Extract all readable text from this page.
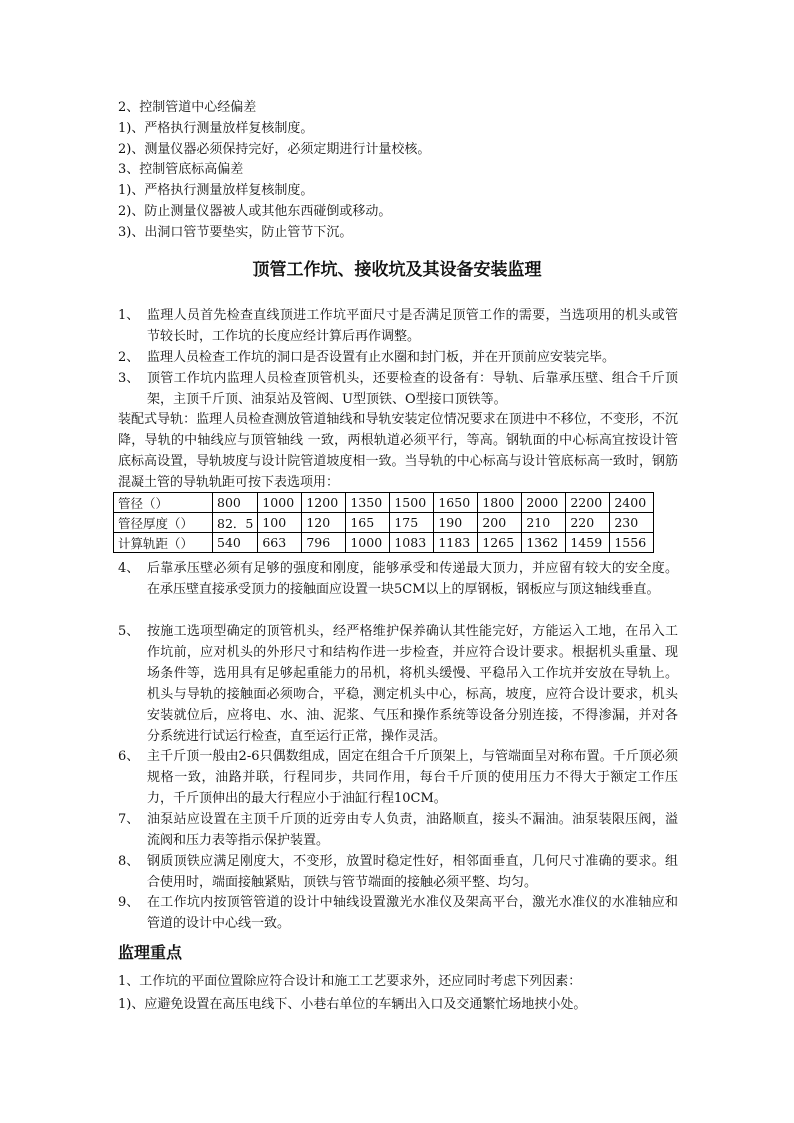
2、控制管道中心经偏差
1)、严格执行测量放样复核制度。
2)、测量仪器必须保持完好，必须定期进行计量校核。
3、控制管底标高偏差
1)、严格执行测量放样复核制度。
2)、防止测量仪器被人或其他东西碰倒或移动。
3)、出洞口管节要垫实，防止管节下沉。
顶管工作坑、接收坑及其设备安装监理
1、 监理人员首先检查直线顶进工作坑平面尺寸是否满足顶管工作的需要，当选项用的机头或管节较长时，工作坑的长度应经计算后再作调整。
2、 监理人员检查工作坑的洞口是否设置有止水圈和封门板，并在开顶前应安装完毕。
3、 顶管工作坑内监理人员检查顶管机头，还要检查的设备有：导轨、后靠承压壁、组合千斤顶架，主顶千斤顶、油泵站及管阀、U型顶铁、O型接口顶铁等。
装配式导轨：监理人员检查测放管道轴线和导轨安装定位情况要求在顶进中不移位，不变形，不沉降，导轨的中轴线应与顶管轴线 一致，两根轨道必须平行，等高。钢轨面的中心标高宜按设计管底标高设置，导轨坡度与设计院管道坡度相一致。当导轨的中心标高与设计管底标高一致时，钢筋混凝土管的导轨轨距可按下表选项用：
管径（）	800	1000	1200	1350	1500	1650	1800	2000	2200	2400
管径厚度（）	82．5	100	120	165	175	190	200	210	220	230
计算轨距（）	540	663	796	1000	1083	1183	1265	1362	1459	1556
4、 后靠承压壁必须有足够的强度和刚度，能够承受和传递最大顶力，并应留有较大的安全度。在承压壁直接承受顶力的接触面应设置一块5CM以上的厚钢板，钢板应与顶这轴线垂直。
5、 按施工选项型确定的顶管机头，经严格维护保养确认其性能完好，方能运入工地，在吊入工作坑前，应对机头的外形尺寸和结构作进一步检查，并应符合设计要求。根据机头重量、现场条件等，选用具有足够起重能力的吊机，将机头缓慢、平稳吊入工作坑并安放在导轨上。机头与导轨的接触面必须吻合，平稳，测定机头中心，标高，坡度，应符合设计要求，机头安装就位后，应将电、水、油、泥浆、气压和操作系统等设备分别连接，不得渗漏，并对各分系统进行试运行检查，直至运行正常，操作灵活。
6、 主千斤顶一般由2-6只偶数组成，固定在组合千斤顶架上，与管端面呈对称布置。千斤顶必须规格一致，油路并联，行程同步，共同作用，每台千斤顶的使用压力不得大于额定工作压力，千斤顶伸出的最大行程应小于油缸行程10CM。
7、 油泵站应设置在主顶千斤顶的近旁由专人负责，油路顺直，接头不漏油。油泵装限压阀，溢流阀和压力表等指示保护装置。
8、 钢质顶铁应满足刚度大，不变形，放置时稳定性好，相邻面垂直，几何尺寸准确的要求。组合使用时，端面接触紧贴，顶铁与管节端面的接触必须平整、均匀。
9、 在工作坑内按顶管管道的设计中轴线设置激光水准仪及架高平台，激光水准仪的水准轴应和管道的设计中心线一致。
监理重点
1、工作坑的平面位置除应符合设计和施工工艺要求外，还应同时考虑下列因素：
1)、应避免设置在高压电线下、小巷右单位的车辆出入口及交通繁忙场地挟小处。
